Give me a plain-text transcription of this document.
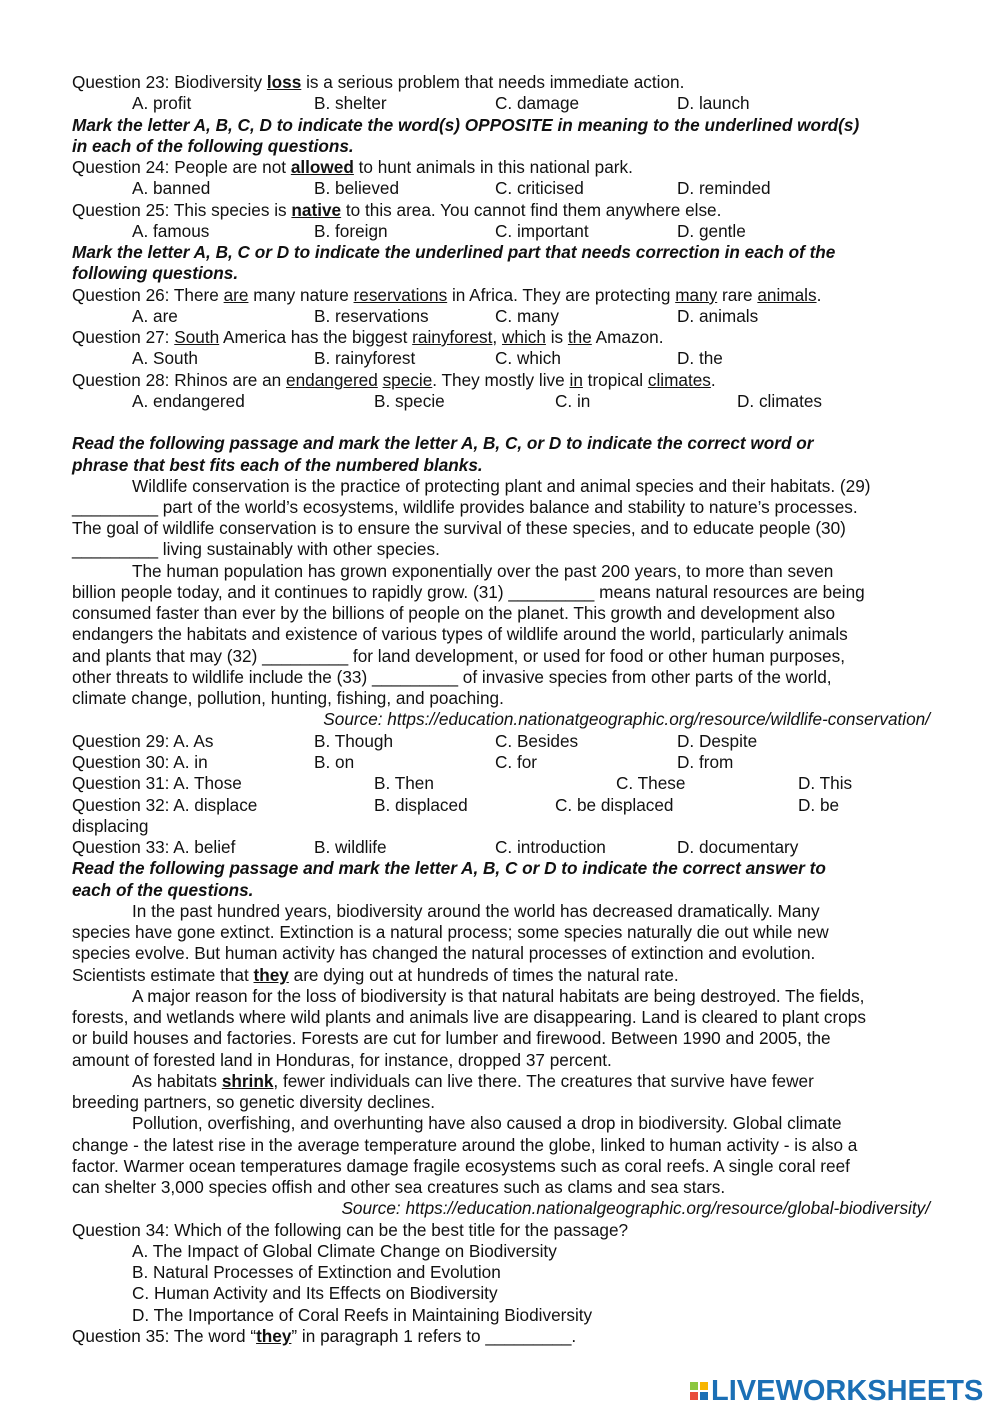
Question 23: Biodiversity loss is a serious problem that needs immediate action.
A. profit	B. shelter	C. damage	D. launch
Mark the letter A, B, C, D to indicate the word(s) OPPOSITE in meaning to the underlined word(s)
in each of the following questions.
Question 24: People are not allowed to hunt animals in this national park.
A. banned	B. believed	C. criticised	D. reminded
Question 25: This species is native to this area. You cannot find them anywhere else.
A. famous	B. foreign	C. important	D. gentle
Mark the letter A, B, C or D to indicate the underlined part that needs correction in each of the
following questions.
Question 26: There are many nature reservations in Africa. They are protecting many rare animals.
A. are	B. reservations	C. many	D. animals
Question 27: South America has the biggest rainyforest, which is the Amazon.
A. South	B. rainyforest	C. which	D. the
Question 28: Rhinos are an endangered specie. They mostly live in tropical climates.
A. endangered	B. specie	C. in	D. climates
Read the following passage and mark the letter A, B, C, or D to indicate the correct word or
phrase that best fits each of the numbered blanks.
Wildlife conservation is the practice of protecting plant and animal species and their habitats. (29)
_________ part of the world’s ecosystems, wildlife provides balance and stability to nature’s processes.
The goal of wildlife conservation is to ensure the survival of these species, and to educate people (30)
_________ living sustainably with other species.
The human population has grown exponentially over the past 200 years, to more than seven
billion people today, and it continues to rapidly grow. (31) _________ means natural resources are being
consumed faster than ever by the billions of people on the planet. This growth and development also
endangers the habitats and existence of various types of wildlife around the world, particularly animals
and plants that may (32) _________ for land development, or used for food or other human purposes,
other threats to wildlife include the (33) _________ of invasive species from other parts of the world,
climate change, pollution, hunting, fishing, and poaching.
Source: https://education.nationatgeographic.org/resource/wildlife-conservation/
Question 29: A. As	B. Though	C. Besides	D. Despite
Question 30: A. in	B. on	C. for	D. from
Question 31: A. Those	B. Then	C. These	D. This
Question 32: A. displace	B. displaced	C. be displaced	D. be
displacing
Question 33: A. belief	B. wildlife	C. introduction	D. documentary
Read the following passage and mark the letter A, B, C or D to indicate the correct answer to
each of the questions.
In the past hundred years, biodiversity around the world has decreased dramatically. Many
species have gone extinct. Extinction is a natural process; some species naturally die out while new
species evolve. But human activity has changed the natural processes of extinction and evolution.
Scientists estimate that they are dying out at hundreds of times the natural rate.
A major reason for the loss of biodiversity is that natural habitats are being destroyed. The fields,
forests, and wetlands where wild plants and animals live are disappearing. Land is cleared to plant crops
or build houses and factories. Forests are cut for lumber and firewood. Between 1990 and 2005, the
amount of forested land in Honduras, for instance, dropped 37 percent.
As habitats shrink, fewer individuals can live there. The creatures that survive have fewer
breeding partners, so genetic diversity declines.
Pollution, overfishing, and overhunting have also caused a drop in biodiversity. Global climate
change - the latest rise in the average temperature around the globe, linked to human activity - is also a
factor. Warmer ocean temperatures damage fragile ecosystems such as coral reefs. A single coral reef
can shelter 3,000 species offish and other sea creatures such as clams and sea stars.
Source: https://education.nationalgeographic.org/resource/global-biodiversity/
Question 34: Which of the following can be the best title for the passage?
A. The Impact of Global Climate Change on Biodiversity
B. Natural Processes of Extinction and Evolution
C. Human Activity and Its Effects on Biodiversity
D. The Importance of Coral Reefs in Maintaining Biodiversity
Question 35: The word “they” in paragraph 1 refers to _________.
LIVEWORKSHEETS
